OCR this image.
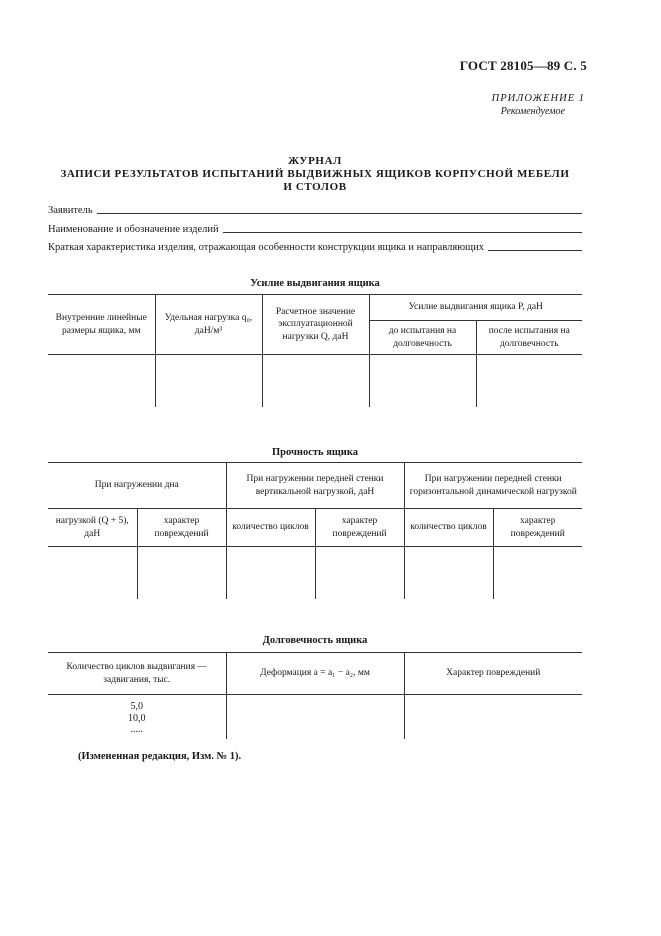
ГОСТ 28105—89 С. 5
ПРИЛОЖЕНИЕ 1
Рекомендуемое
ЖУРНАЛ
ЗАПИСИ РЕЗУЛЬТАТОВ ИСПЫТАНИЙ ВЫДВИЖНЫХ ЯЩИКОВ КОРПУСНОЙ МЕБЕЛИ
И СТОЛОВ
Заявитель
Наименование и обозначение изделий
Краткая характеристика изделия, отражающая особенности конструкции ящика и направляющих
Усилие выдвигания ящика
Внутренние линейные размеры ящика, мм	Удельная нагрузка q₀, даН/м³	Расчетное значение эксплуатационной нагрузки Q, даН	Усилие выдвигания ящика P, даН	
			до испытания на долговечность	после испытания на долговечность

Прочность ящика
При нагружении дна		При нагружении передней стенки вертикальной нагрузкой, даН		При нагружении передней стенки горизонтальной динамической нагрузкой	
нагрузкой (Q + 5), даН	характер повреждений	количество циклов	характер повреждений	количество циклов	характер повреждений

Долговечность ящика
Количество циклов выдвигания — задвигания, тыс.	Деформация a = a₁ − a₂, мм	Характер повреждений

5,0
10,0
.....		

(Измененная редакция, Изм. № 1).
